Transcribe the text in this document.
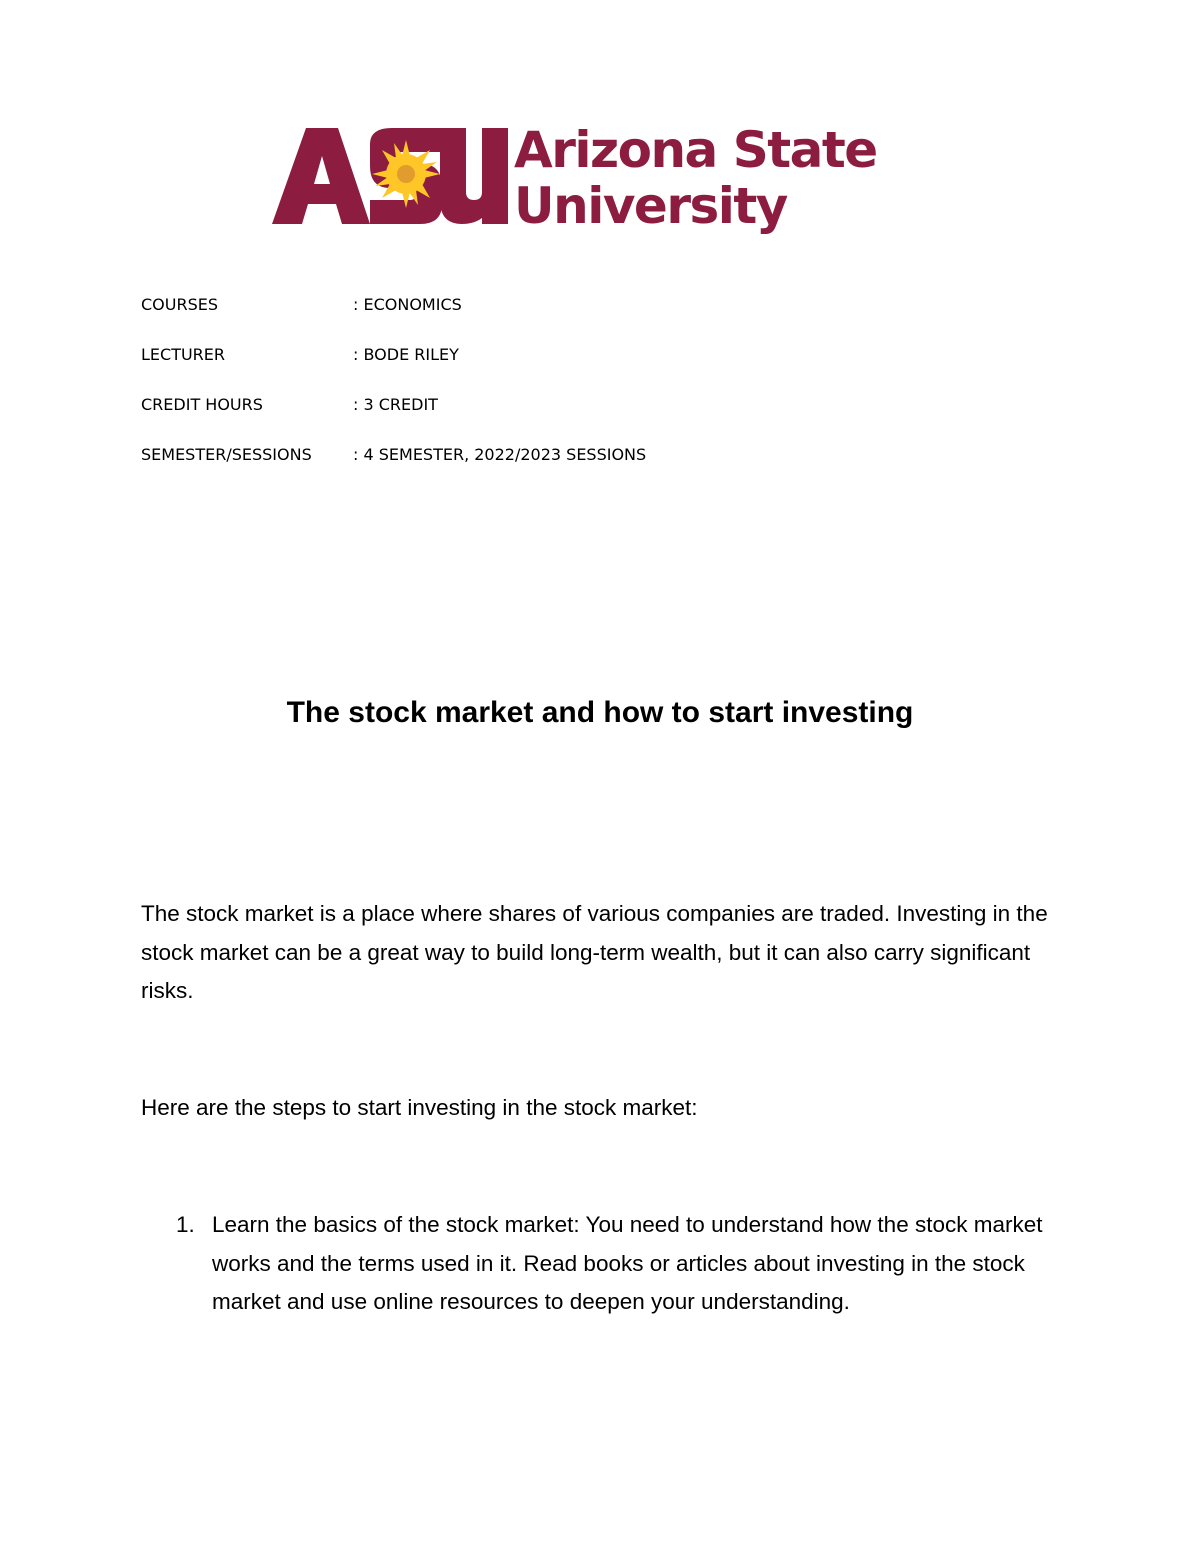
® Arizona State
University
COURSES	: ECONOMICS
LECTURER	: BODE RILEY
CREDIT HOURS	: 3 CREDIT
SEMESTER/SESSIONS	: 4 SEMESTER, 2022/2023 SESSIONS
The stock market and how to start investing

The stock market is a place where shares of various companies are traded. Investing in the stock market can be a great way to build long-term wealth, but it can also carry significant risks.

Here are the steps to start investing in the stock market:

1. Learn the basics of the stock market: You need to understand how the stock market works and the terms used in it. Read books or articles about investing in the stock market and use online resources to deepen your understanding.
